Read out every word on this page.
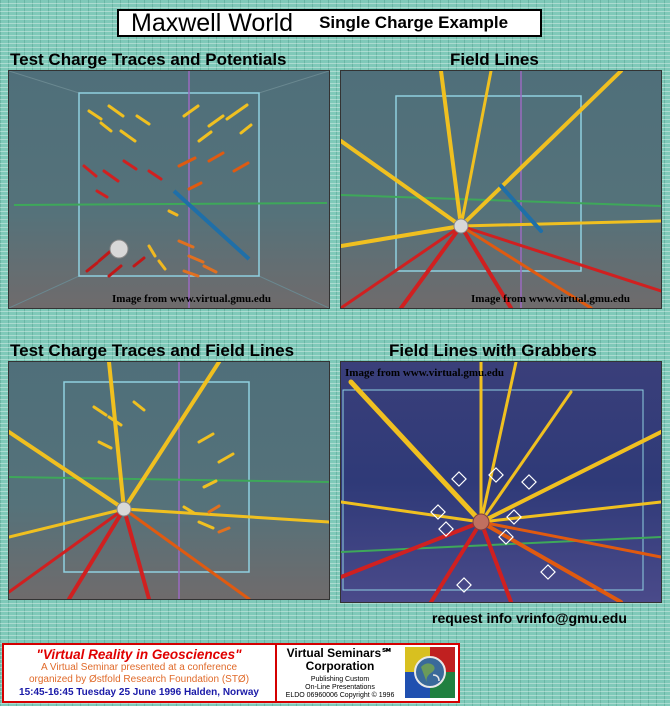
Maxwell World Single Charge Example
Test Charge Traces and Potentials	Field Lines
Test Charge Traces and Field Lines	Field Lines with Grabbers
Image from www.virtual.gmu.edu	Image from www.virtual.gmu.edu
Image from www.virtual.gmu.edu
request info vrinfo@gmu.edu
"Virtual Reality in Geosciences"
A Virtual Seminar presented at a conference
organized by Østfold Research Foundation (STØ)
15:45-16:45 Tuesday 25 June 1996 Halden, Norway
Virtual Seminars℠
Corporation
Publishing Custom
On-Line Presentations
ELDO 06960006 Copyright © 1996
